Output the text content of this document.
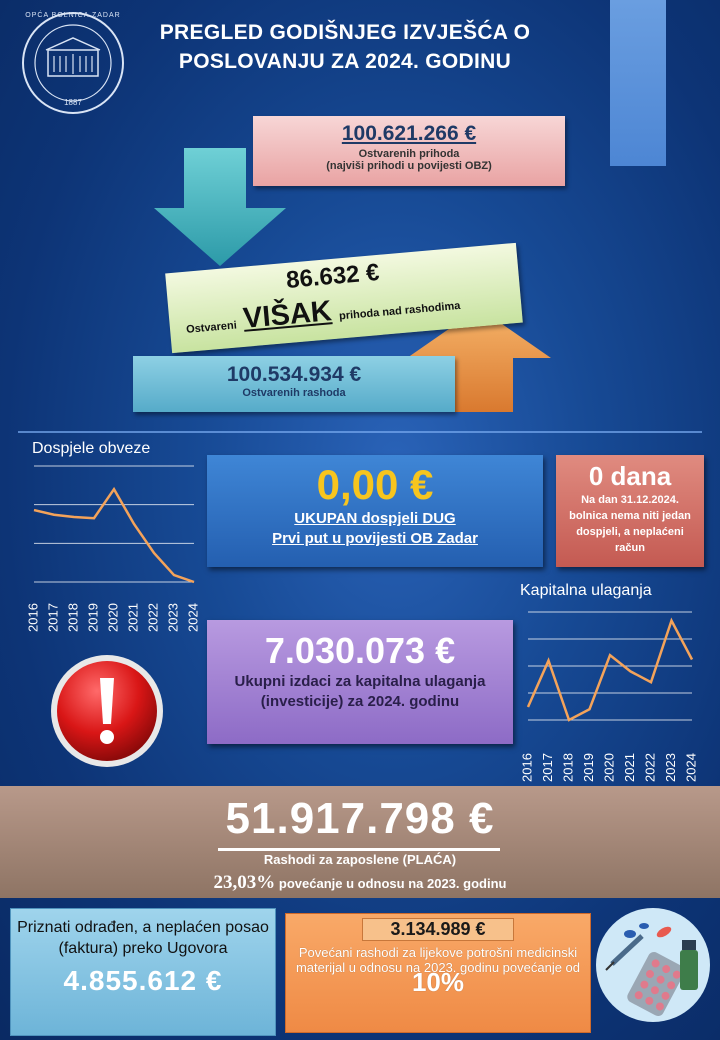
OPĆA BOLNICA ZADAR
1887
PREGLED GODIŠNJEG IZVJEŠĆA O
POSLOVANJU ZA 2024. GODINU
100.621.266 €
Ostvarenih prihoda
(najviši prihodi u povijesti OBZ)
86.632 €
Ostvareni VIŠAK prihoda nad rashodima
100.534.934 €
Ostvarenih rashoda
Dospjele obveze
2016 2017 2018 2019 2020 2021 2022 2023 2024
0,00 €
UKUPAN dospjeli DUG
Prvi put u povijesti OB Zadar
0 dana
Na dan 31.12.2024. bolnica nema niti jedan dospjeli, a neplaćeni račun
Kapitalna ulaganja
2016 2017 2018 2019 2020 2021 2022 2023 2024
7.030.073 €
Ukupni izdaci za kapitalna ulaganja (investicije) za 2024. godinu
51.917.798 €
Rashodi za zaposlene (PLAĆA)
23,03% povećanje u odnosu na 2023. godinu
Priznati odrađen, a neplaćen posao (faktura) preko Ugovora
4.855.612 €
3.134.989 €
Povećani rashodi za lijekove potrošni medicinski materijal u odnosu na 2023. godinu povećanje od 10%
